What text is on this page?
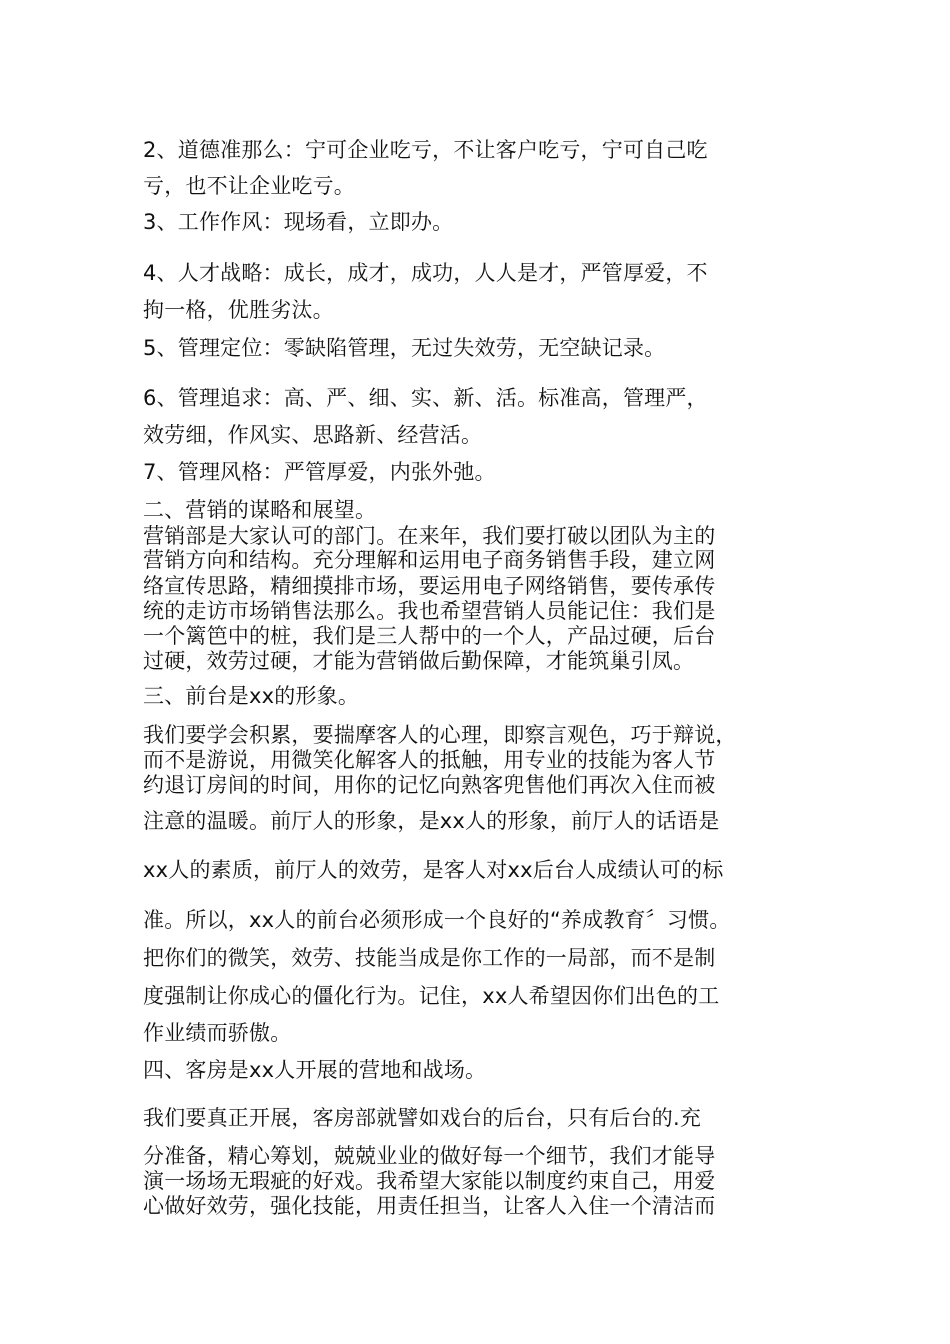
2、道德准那么：宁可企业吃亏，不让客户吃亏，宁可自己吃
亏，也不让企业吃亏。
3、工作作风：现场看，立即办。
4、人才战略：成长，成才，成功，人人是才，严管厚爱，不
拘一格，优胜劣汰。
5、管理定位：零缺陷管理，无过失效劳，无空缺记录。
6、管理追求：高、严、细、实、新、活。标准高，管理严，
效劳细，作风实、思路新、经营活。
7、管理风格：严管厚爱，内张外弛。
二、营销的谋略和展望。
营销部是大家认可的部门。在来年，我们要打破以团队为主的
营销方向和结构。充分理解和运用电子商务销售手段，建立网
络宣传思路，精细摸排市场，要运用电子网络销售，要传承传
统的走访市场销售法那么。我也希望营销人员能记住：我们是
一个篱笆中的桩，我们是三人帮中的一个人，产品过硬，后台
过硬，效劳过硬，才能为营销做后勤保障，才能筑巢引凤。
三、前台是xx的形象。
我们要学会积累，要揣摩客人的心理，即察言观色，巧于辩说，
而不是游说，用微笑化解客人的抵触，用专业的技能为客人节
约退订房间的时间，用你的记忆向熟客兜售他们再次入住而被
注意的温暖。前厅人的形象，是xx人的形象，前厅人的话语是
xx人的素质，前厅人的效劳，是客人对xx后台人成绩认可的标
准。所以，xx人的前台必须形成一个良好的“养成教育〞习惯。
把你们的微笑，效劳、技能当成是你工作的一局部，而不是制
度强制让你成心的僵化行为。记住，xx人希望因你们出色的工
作业绩而骄傲。
四、客房是xx人开展的营地和战场。
我们要真正开展，客房部就譬如戏台的后台，只有后台的.充
分准备，精心筹划，兢兢业业的做好每一个细节，我们才能导
演一场场无瑕疵的好戏。我希望大家能以制度约束自己，用爱
心做好效劳，强化技能，用责任担当，让客人入住一个清洁而
